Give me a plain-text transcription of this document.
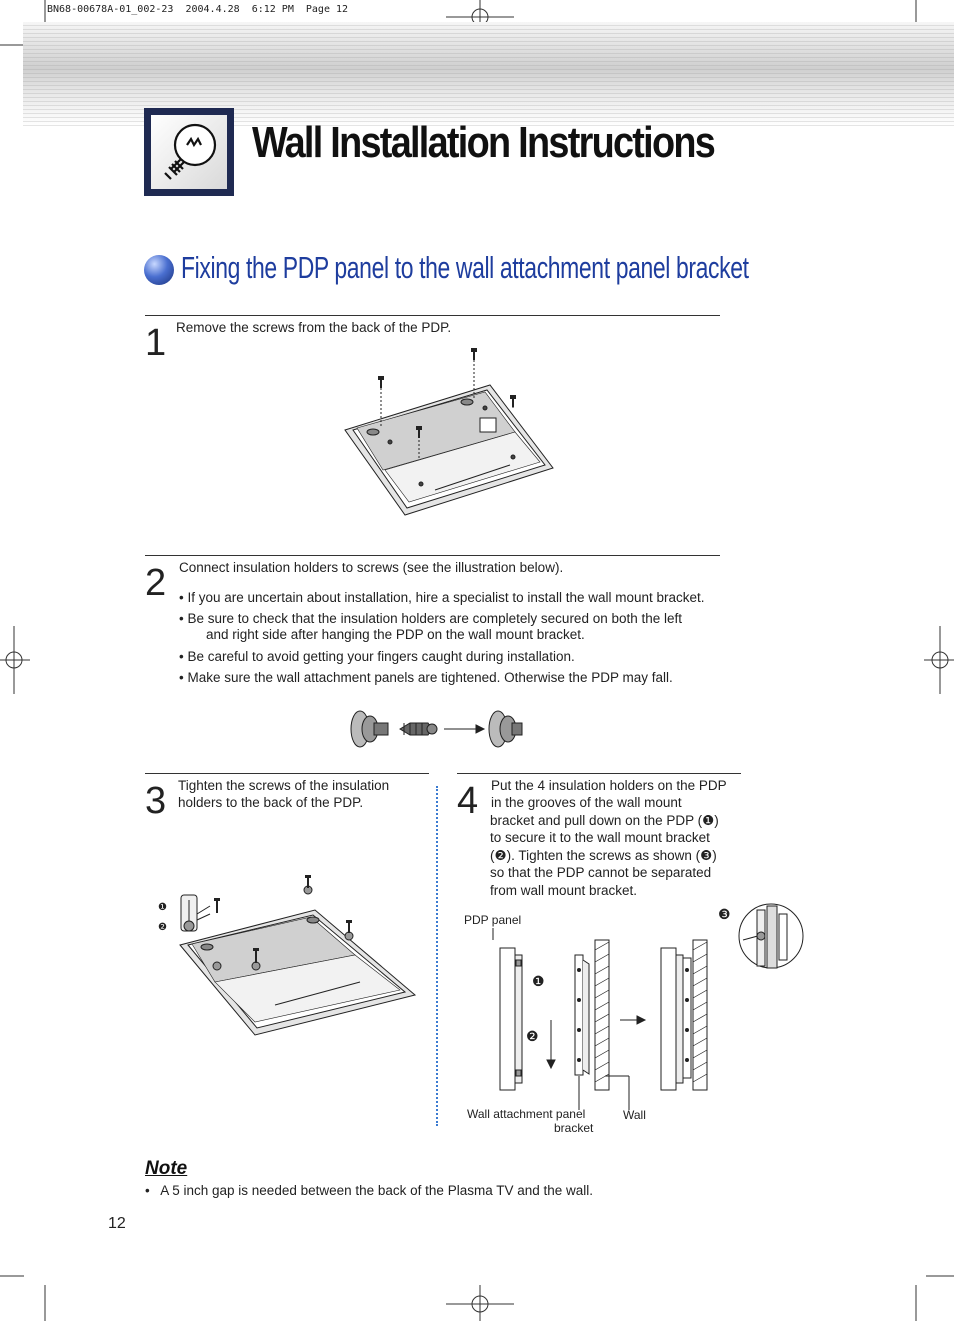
BN68-00678A-01_002-23  2004.4.28  6:12 PM  Page 12
Wall Installation Instructions
Fixing the PDP panel to the wall attachment panel bracket
1 Remove the screws from the back of the PDP.
2 Connect insulation holders to screws (see the illustration below).
• If you are uncertain about installation, hire a specialist to install the wall mount bracket.
• Be sure to check that the insulation holders are completely secured on both the left
and right side after hanging the PDP on the wall mount bracket.
• Be careful to avoid getting your fingers caught during installation.
• Make sure the wall attachment panels are tightened. Otherwise the PDP may fall.
3 Tighten the screws of the insulation
holders to the back of the PDP.
❶
❷
4 Put the 4 insulation holders on the PDP
in the grooves of the wall mount
bracket and pull down on the PDP (❶)
to secure it to the wall mount bracket
(❷). Tighten the screws as shown (❸)
so that the PDP cannot be separated
from wall mount bracket.
PDP panel	❸
❶
❷
Wall attachment panel
bracket
Wall
Note
•   A 5 inch gap is needed between the back of the Plasma TV and the wall.
12
